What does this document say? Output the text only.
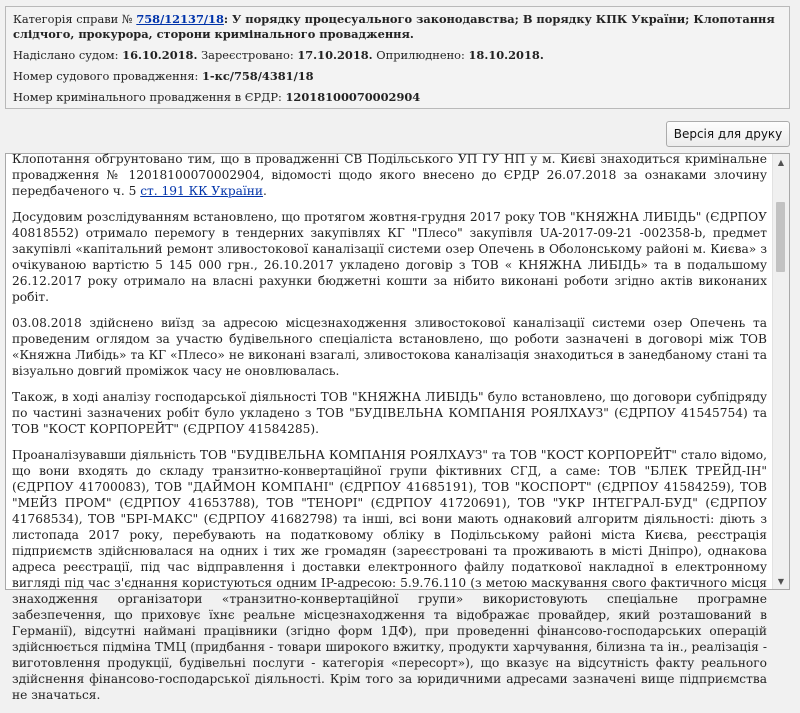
Категорія справи № 758/12137/18: У порядку процесуального законодавства; В порядку КПК України; Клопотання слідчого, прокурора, сторони кримінального провадження.

Надіслано судом: 16.10.2018. Зареєстровано: 17.10.2018. Оприлюднено: 18.10.2018.

Номер судового провадження: 1-кс/758/4381/18

Номер кримінального провадження в ЄРДР: 12018100070002904

Версія для друку

Клопотання обгрунтовано тим, що в провадженні СВ Подільського УП ГУ НП у м. Києві знаходиться кримінальне провадження № 12018100070002904, відомості щодо якого внесено до ЄРДР 26.07.2018 за ознаками злочину передбаченого ч. 5 ст. 191 КК України.

Досудовим розслідуванням встановлено, що протягом жовтня-грудня 2017 року ТОВ "КНЯЖНА ЛИБІДЬ" (ЄДРПОУ 40818552) отримало перемогу в тендерних закупівлях КГ "Плесо" закупівля UA-2017-09-21 -002358-b, предмет закупівлі «капітальний ремонт зливостокової каналізації системи озер Опечень в Оболонському районі м. Києва» з очікуваною вартістю 5 145 000 грн., 26.10.2017 укладено договір з ТОВ « КНЯЖНА ЛИБІДЬ» та в подальшому 26.12.2017 року отримало на власні рахунки бюджетні кошти за нібито виконані роботи згідно актів виконаних робіт.

03.08.2018 здійснено виїзд за адресою місцезнаходження зливостокової каналізації системи озер Опечень та проведеним оглядом за участю будівельного спеціаліста встановлено, що роботи зазначені в договорі між ТОВ «Княжна Либідь» та КГ «Плесо» не виконані взагалі, зливостокова каналізація знаходиться в занедбаному стані та візуально довгий проміжок часу не оновлювалась.

Також, в ході аналізу господарської діяльності ТОВ "КНЯЖНА ЛИБІДЬ" було встановлено, що договори субпідряду по частині зазначених робіт було укладено з ТОВ "БУДІВЕЛЬНА КОМПАНІЯ РОЯЛХАУЗ" (ЄДРПОУ 41545754) та ТОВ "КОСТ КОРПОРЕЙТ" (ЄДРПОУ 41584285).

Проаналізувавши діяльність ТОВ "БУДІВЕЛЬНА КОМПАНІЯ РОЯЛХАУЗ" та ТОВ "КОСТ КОРПОРЕЙТ" стало відомо, що вони входять до складу транзитно-конвертаційної групи фіктивних СГД, а саме: ТОВ "БЛЕК ТРЕЙД-ІН" (ЄДРПОУ 41700083), ТОВ "ДАЙМОН КОМПАНІ" (ЄДРПОУ 41685191), ТОВ "КОСПОРТ" (ЄДРПОУ 41584259), ТОВ "МЕЙЗ ПРОМ" (ЄДРПОУ 41653788), ТОВ "ТЕНОРІ" (ЄДРПОУ 41720691), ТОВ "УКР ІНТЕГРАЛ-БУД" (ЄДРПОУ 41768534), ТОВ "БРІ-МАКС" (ЄДРПОУ 41682798) та інші, всі вони мають однаковий алгоритм діяльності: діють з листопада 2017 року, перебувають на податковому обліку в Подільському районі міста Києва, реєстрація підприємств здійснювалася на одних і тих же громадян (зареєстровані та проживають в місті Дніпро), однакова адреса реєстрації, під час відправлення і доставки електронного файлу податкової накладної в електронному вигляді під час з'єднання користуються одним IP-адресою: 5.9.76.110 (з метою маскування свого фактичного місця знаходження організатори «транзитно-конвертаційної групи» використовують спеціальне програмне забезпечення, що приховує їхнє реальне місцезнаходження та відображає провайдер, який розташований в Германії), відсутні наймані працівники (згідно форм 1ДФ), при проведенні фінансово-господарських операцій здійснюється підміна ТМЦ (придбання - товари широкого вжитку, продукти харчування, білизна та ін., реалізація - виготовлення продукції, будівельні послуги - категорія «пересорт»), що вказує на відсутність факту реального здійснення фінансово-господарської діяльності. Крім того за юридичними адресами зазначені вище підприємства не значаться.

▲
▼
